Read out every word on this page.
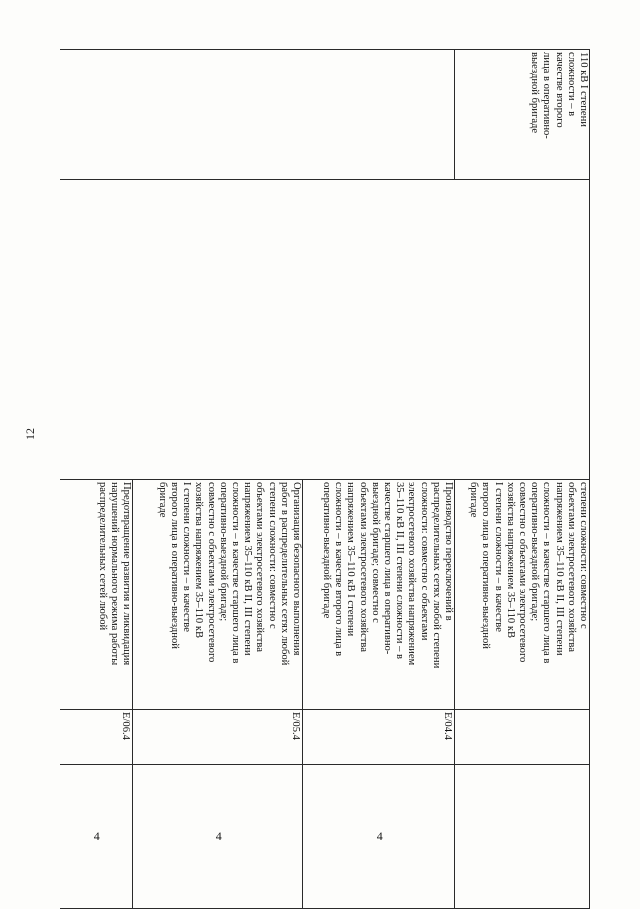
12
110 кВ I степени
сложности – в
качестве второго
лица в оперативно-
выездной бригаде
степени сложности: совместно с
объектами электросетевого хозяйства
напряжением 35–110 кВ II, III степени
сложности – в качестве старшего лица в
оперативно-выездной бригаде;
совместно с объектами электросетевого
хозяйства напряжением 35–110 кВ
I степени сложности – в качестве
второго лица в оперативно-выездной
бригаде
Производство переключений в
распределительных сетях любой степени
сложности: совместно с объектами
электросетевого хозяйства напряжением
35–110 кВ II, III степени сложности – в
качестве старшего лица в оперативно-
выездной бригаде; совместно с
объектами электросетевого хозяйства
напряжением 35–110 кВ I степени
сложности – в качестве второго лица в
оперативно-выездной бригаде
E/04.4
4
Организация безопасного выполнения
работ в распределительных сетях любой
степени сложности: совместно с
объектами электросетевого хозяйства
напряжением 35–110 кВ II, III степени
сложности – в качестве старшего лица в
оперативно-выездной бригаде;
совместно с объектами электросетевого
хозяйства напряжением 35–110 кВ
I степени сложности – в качестве
второго лица в оперативно-выездной
бригаде
E/05.4
4
Предотвращение развития и ликвидация
нарушений нормального режима работы
распределительных сетей любой
E/06.4
4
